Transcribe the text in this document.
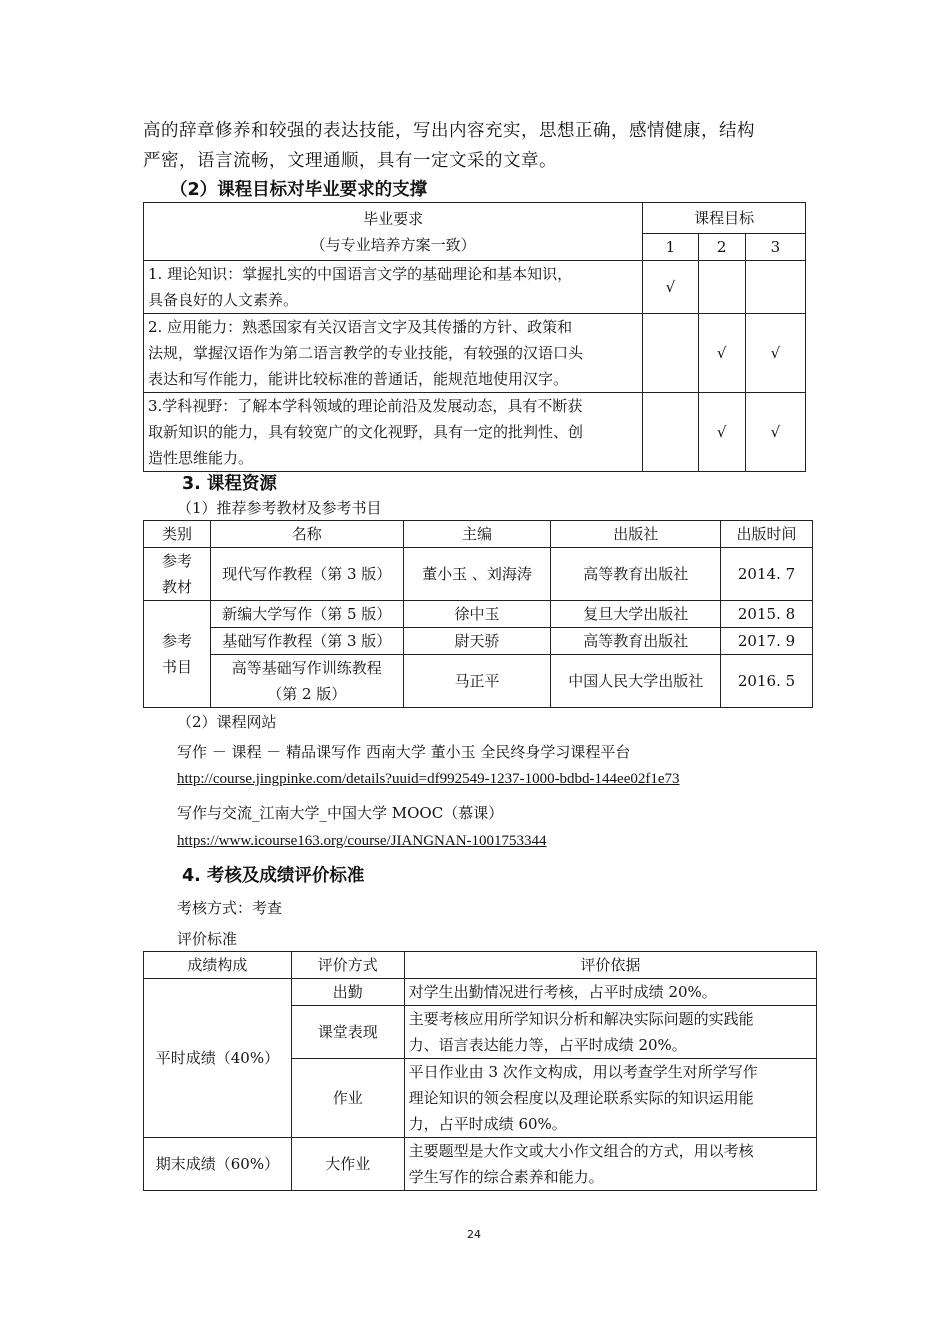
高的辞章修养和较强的表达技能，写出内容充实，思想正确，感情健康，结构
严密，语言流畅，文理通顺，具有一定文采的文章。
（2）课程目标对毕业要求的支撑
毕业要求
（与专业培养方案一致）	课程目标		
	1	2	3

1. 理论知识：掌握扎实的中国语言文学的基础理论和基本知识，
具备良好的人文素养。	√		

2. 应用能力：熟悉国家有关汉语言文字及其传播的方针、政策和
法规，掌握汉语作为第二语言教学的专业技能，有较强的汉语口头
表达和写作能力，能讲比较标准的普通话，能规范地使用汉字。		√	√

3.学科视野：了解本学科领域的理论前沿及发展动态，具有不断获
取新知识的能力，具有较宽广的文化视野，具有一定的批判性、创
造性思维能力。		√	√
3. 课程资源
（1）推荐参考教材及参考书目
类别	名称	主编	出版社	出版时间

参考
教材	现代写作教程（第 3 版）	董小玉 、刘海涛	高等教育出版社	2014. 7

参考
书目	新编大学写作（第 5 版）	徐中玉	复旦大学出版社	2015. 8
	基础写作教程（第 3 版）	尉天骄	高等教育出版社	2017. 9

	高等基础写作训练教程
（第 2 版）	马正平	中国人民大学出版社	2016. 5
（2）课程网站
写作 － 课程 － 精品课写作 西南大学 董小玉 全民终身学习课程平台
http://course.jingpinke.com/details?uuid=df992549-1237-1000-bdbd-144ee02f1e73
写作与交流_江南大学_中国大学 MOOC（慕课）
https://www.icourse163.org/course/JIANGNAN-1001753344
4. 考核及成绩评价标准
考核方式：考查
评价标准
成绩构成	评价方式	评价依据
平时成绩（40%）	出勤	对学生出勤情况进行考核，占平时成绩 20%。

	课堂表现	主要考核应用所学知识分析和解决实际问题的实践能
力、语言表达能力等，占平时成绩 20%。

	作业	平日作业由 3 次作文构成，用以考查学生对所学写作
理论知识的领会程度以及理论联系实际的知识运用能
力，占平时成绩 60%。

期末成绩（60%）	大作业	主要题型是大作文或大小作文组合的方式，用以考核
学生写作的综合素养和能力。
24
